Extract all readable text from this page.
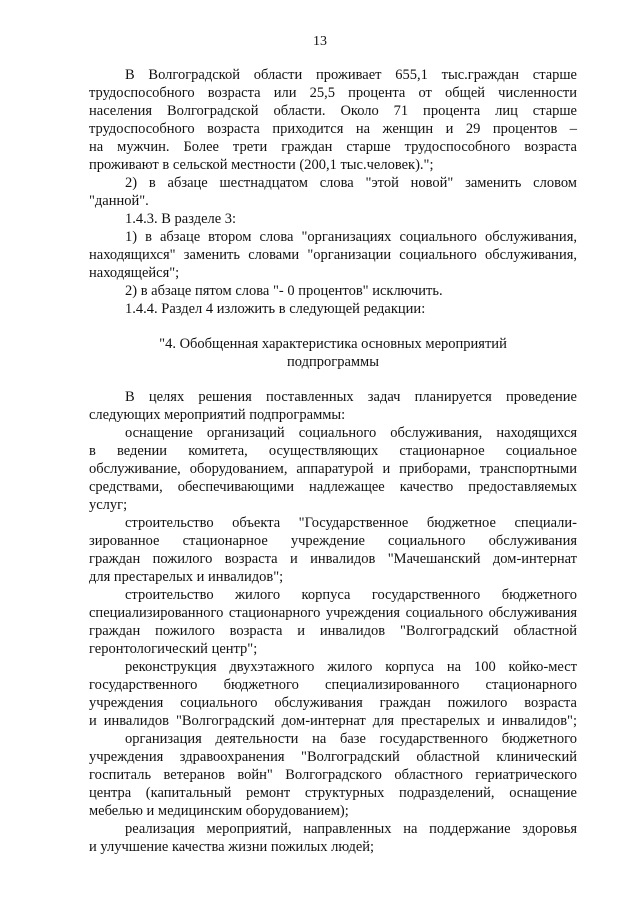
13
В Волгоградской области проживает 655,1 тыс.граждан старше
трудоспособного возраста или 25,5 процента от общей численности
населения Волгоградской области. Около 71 процента лиц старше
трудоспособного возраста приходится на женщин и 29 процентов –
на мужчин. Более трети граждан старше трудоспособного возраста
проживают в сельской местности (200,1 тыс.человек).";
2) в абзаце шестнадцатом слова "этой новой" заменить словом
"данной".
1.4.3. В разделе 3:
1) в абзаце втором слова "организациях социального обслуживания,
находящихся" заменить словами "организации социального обслуживания,
находящейся";
2) в абзаце пятом слова "- 0 процентов" исключить.
1.4.4. Раздел 4 изложить в следующей редакции:
"4. Обобщенная характеристика основных мероприятий
подпрограммы
В целях решения поставленных задач планируется проведение
следующих мероприятий подпрограммы:
оснащение организаций социального обслуживания, находящихся
в ведении комитета, осуществляющих стационарное социальное
обслуживание, оборудованием, аппаратурой и приборами, транспортными
средствами, обеспечивающими надлежащее качество предоставляемых
услуг;
строительство объекта "Государственное бюджетное специали-
зированное стационарное учреждение социального обслуживания
граждан пожилого возраста и инвалидов "Мачешанский дом-интернат
для престарелых и инвалидов";
строительство жилого корпуса государственного бюджетного
специализированного стационарного учреждения социального обслуживания
граждан пожилого возраста и инвалидов "Волгоградский областной
геронтологический центр";
реконструкция двухэтажного жилого корпуса на 100 койко-мест
государственного бюджетного специализированного стационарного
учреждения социального обслуживания граждан пожилого возраста
и инвалидов "Волгоградский дом-интернат для престарелых и инвалидов";
организация деятельности на базе государственного бюджетного
учреждения здравоохранения "Волгоградский областной клинический
госпиталь ветеранов войн" Волгоградского областного гериатрического
центра (капитальный ремонт структурных подразделений, оснащение
мебелью и медицинским оборудованием);
реализация мероприятий, направленных на поддержание здоровья
и улучшение качества жизни пожилых людей;
